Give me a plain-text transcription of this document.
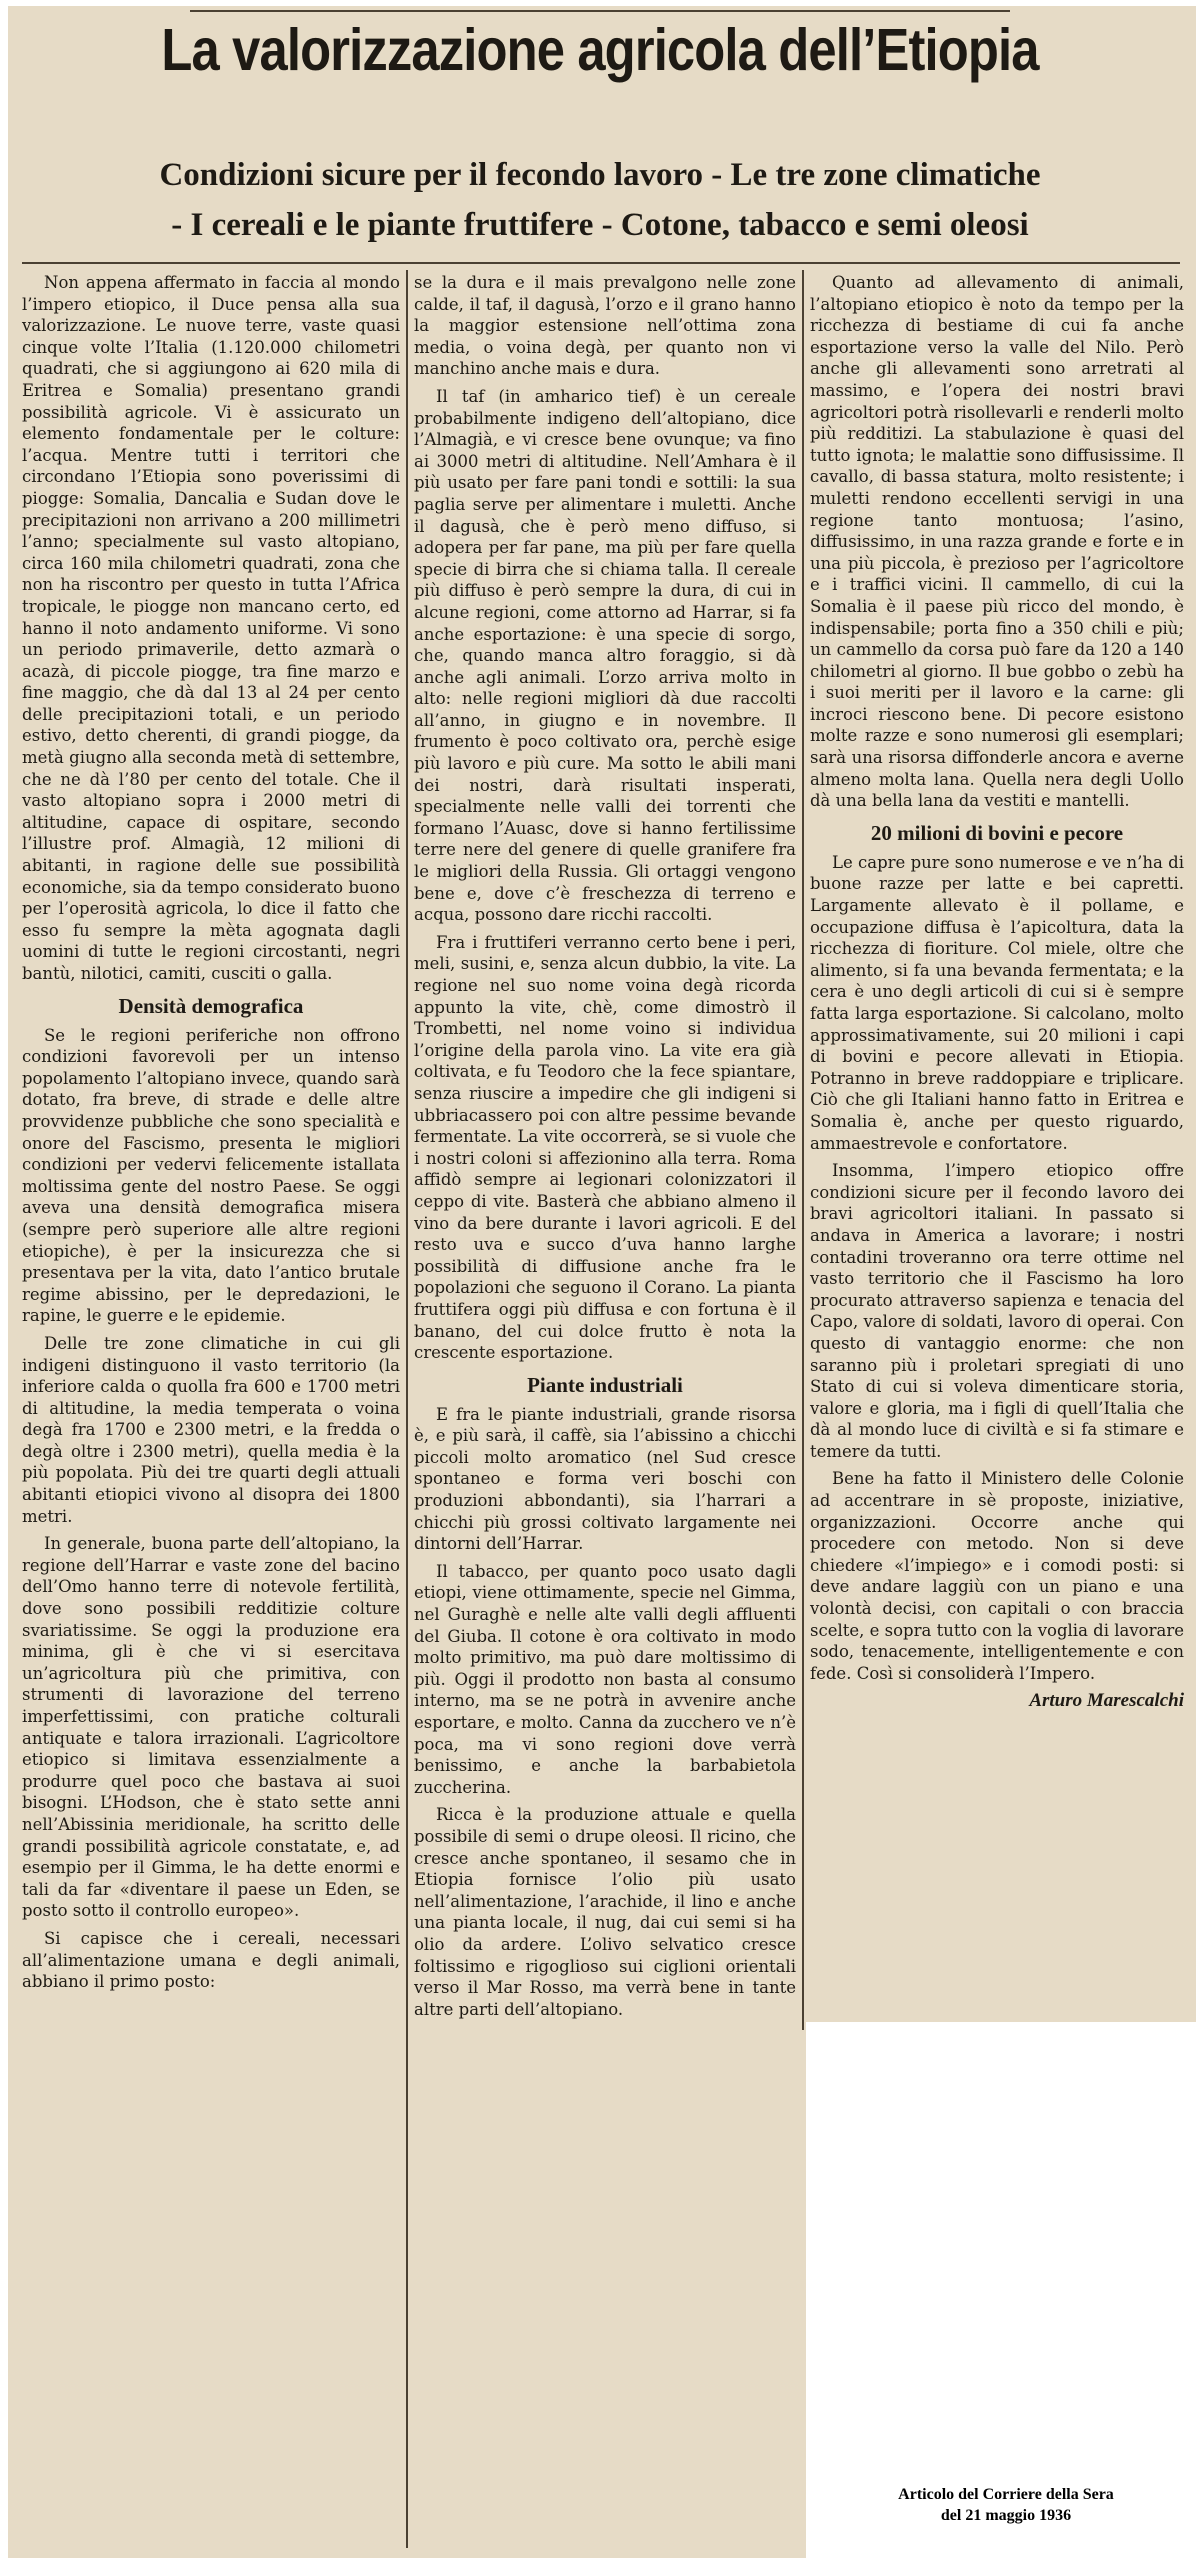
La valorizzazione agricola dell’Etiopia
Condizioni sicure per il fecondo lavoro - Le tre zone climatiche
- I cereali e le piante fruttifere - Cotone, tabacco e semi oleosi

Non appena affermato in faccia al mondo l’impero etiopico, il Duce pensa alla sua valorizzazione. Le nuove terre, vaste quasi cinque volte l’Italia (1.120.000 chilometri quadrati, che si aggiungono ai 620 mila di Eritrea e Somalia) presentano grandi possibilità agricole. Vi è assicurato un elemento fondamentale per le colture: l’acqua. Mentre tutti i territori che circondano l’Etiopia sono poverissimi di piogge: Somalia, Dancalia e Sudan dove le precipitazioni non arrivano a 200 millimetri l’anno; specialmente sul vasto altopiano, circa 160 mila chilometri quadrati, zona che non ha riscontro per questo in tutta l’Africa tropicale, le piogge non mancano certo, ed hanno il noto andamento uniforme. Vi sono un periodo primaverile, detto azmarà o acazà, di piccole piogge, tra fine marzo e fine maggio, che dà dal 13 al 24 per cento delle precipitazioni totali, e un periodo estivo, detto cherenti, di grandi piogge, da metà giugno alla seconda metà di settembre, che ne dà l’80 per cento del totale. Che il vasto altopiano sopra i 2000 metri di altitudine, capace di ospitare, secondo l’illustre prof. Almagià, 12 milioni di abitanti, in ragione delle sue possibilità economiche, sia da tempo considerato buono per l’operosità agricola, lo dice il fatto che esso fu sempre la mèta agognata dagli uomini di tutte le regioni circostanti, negri bantù, nilotici, camiti, cusciti o galla.

Densità demografica

Se le regioni periferiche non offrono condizioni favorevoli per un intenso popolamento l’altopiano invece, quando sarà dotato, fra breve, di strade e delle altre provvidenze pubbliche che sono specialità e onore del Fascismo, presenta le migliori condizioni per vedervi felicemente istallata moltissima gente del nostro Paese. Se oggi aveva una densità demografica misera (sempre però superiore alle altre regioni etiopiche), è per la insicurezza che si presentava per la vita, dato l’antico brutale regime abissino, per le depredazioni, le rapine, le guerre e le epidemie.

Delle tre zone climatiche in cui gli indigeni distinguono il vasto territorio (la inferiore calda o quolla fra 600 e 1700 metri di altitudine, la media temperata o voina degà fra 1700 e 2300 metri, e la fredda o degà oltre i 2300 metri), quella media è la più popolata. Più dei tre quarti degli attuali abitanti etiopici vivono al disopra dei 1800 metri.

In generale, buona parte dell’altopiano, la regione dell’Harrar e vaste zone del bacino dell’Omo hanno terre di notevole fertilità, dove sono possibili redditizie colture svariatissime. Se oggi la produzione era minima, gli è che vi si esercitava un’agricoltura più che primitiva, con strumenti di lavorazione del terreno imperfettissimi, con pratiche colturali antiquate e talora irrazionali. L’agricoltore etiopico si limitava essenzialmente a produrre quel poco che bastava ai suoi bisogni. L’Hodson, che è stato sette anni nell’Abissinia meridionale, ha scritto delle grandi possibilità agricole constatate, e, ad esempio per il Gimma, le ha dette enormi e tali da far «diventare il paese un Eden, se posto sotto il controllo europeo».

Si capisce che i cereali, necessari all’alimentazione umana e degli animali, abbiano il primo posto:

se la dura e il mais prevalgono nelle zone calde, il taf, il dagusà, l’orzo e il grano hanno la maggior estensione nell’ottima zona media, o voina degà, per quanto non vi manchino anche mais e dura.

Il taf (in amharico tief) è un cereale probabilmente indigeno dell’altopiano, dice l’Almagià, e vi cresce bene ovunque; va fino ai 3000 metri di altitudine. Nell’Amhara è il più usato per fare pani tondi e sottili: la sua paglia serve per alimentare i muletti. Anche il dagusà, che è però meno diffuso, si adopera per far pane, ma più per fare quella specie di birra che si chiama talla. Il cereale più diffuso è però sempre la dura, di cui in alcune regioni, come attorno ad Harrar, si fa anche esportazione: è una specie di sorgo, che, quando manca altro foraggio, si dà anche agli animali. L’orzo arriva molto in alto: nelle regioni migliori dà due raccolti all’anno, in giugno e in novembre. Il frumento è poco coltivato ora, perchè esige più lavoro e più cure. Ma sotto le abili mani dei nostri, darà risultati insperati, specialmente nelle valli dei torrenti che formano l’Auasc, dove si hanno fertilissime terre nere del genere di quelle granifere fra le migliori della Russia. Gli ortaggi vengono bene e, dove c’è freschezza di terreno e acqua, possono dare ricchi raccolti.

Fra i fruttiferi verranno certo bene i peri, meli, susini, e, senza alcun dubbio, la vite. La regione nel suo nome voina degà ricorda appunto la vite, chè, come dimostrò il Trombetti, nel nome voino si individua l’origine della parola vino. La vite era già coltivata, e fu Teodoro che la fece spiantare, senza riuscire a impedire che gli indigeni si ubbriacassero poi con altre pessime bevande fermentate. La vite occorrerà, se si vuole che i nostri coloni si affezionino alla terra. Roma affidò sempre ai legionari colonizzatori il ceppo di vite. Basterà che abbiano almeno il vino da bere durante i lavori agricoli. E del resto uva e succo d’uva hanno larghe possibilità di diffusione anche fra le popolazioni che seguono il Corano. La pianta fruttifera oggi più diffusa e con fortuna è il banano, del cui dolce frutto è nota la crescente esportazione.

Piante industriali

E fra le piante industriali, grande risorsa è, e più sarà, il caffè, sia l’abissino a chicchi piccoli molto aromatico (nel Sud cresce spontaneo e forma veri boschi con produzioni abbondanti), sia l’harrari a chicchi più grossi coltivato largamente nei dintorni dell’Harrar.

Il tabacco, per quanto poco usato dagli etiopi, viene ottimamente, specie nel Gimma, nel Guraghè e nelle alte valli degli affluenti del Giuba. Il cotone è ora coltivato in modo molto primitivo, ma può dare moltissimo di più. Oggi il prodotto non basta al consumo interno, ma se ne potrà in avvenire anche esportare, e molto. Canna da zucchero ve n’è poca, ma vi sono regioni dove verrà benissimo, e anche la barbabietola zuccherina.

Ricca è la produzione attuale e quella possibile di semi o drupe oleosi. Il ricino, che cresce anche spontaneo, il sesamo che in Etiopia fornisce l’olio più usato nell’alimentazione, l’arachide, il lino e anche una pianta locale, il nug, dai cui semi si ha olio da ardere. L’olivo selvatico cresce foltissimo e rigoglioso sui ciglioni orientali verso il Mar Rosso, ma verrà bene in tante altre parti dell’altopiano.

Quanto ad allevamento di animali, l’altopiano etiopico è noto da tempo per la ricchezza di bestiame di cui fa anche esportazione verso la valle del Nilo. Però anche gli allevamenti sono arretrati al massimo, e l’opera dei nostri bravi agricoltori potrà risollevarli e renderli molto più redditizi. La stabulazione è quasi del tutto ignota; le malattie sono diffusissime. Il cavallo, di bassa statura, molto resistente; i muletti rendono eccellenti servigi in una regione tanto montuosa; l’asino, diffusissimo, in una razza grande e forte e in una più piccola, è prezioso per l’agricoltore e i traffici vicini. Il cammello, di cui la Somalia è il paese più ricco del mondo, è indispensabile; porta fino a 350 chili e più; un cammello da corsa può fare da 120 a 140 chilometri al giorno. Il bue gobbo o zebù ha i suoi meriti per il lavoro e la carne: gli incroci riescono bene. Di pecore esistono molte razze e sono numerosi gli esemplari; sarà una risorsa diffonderle ancora e averne almeno molta lana. Quella nera degli Uollo dà una bella lana da vestiti e mantelli.

20 milioni di bovini e pecore

Le capre pure sono numerose e ve n’ha di buone razze per latte e bei capretti. Largamente allevato è il pollame, e occupazione diffusa è l’apicoltura, data la ricchezza di fioriture. Col miele, oltre che alimento, si fa una bevanda fermentata; e la cera è uno degli articoli di cui si è sempre fatta larga esportazione. Si calcolano, molto approssimativamente, sui 20 milioni i capi di bovini e pecore allevati in Etiopia. Potranno in breve raddoppiare e triplicare. Ciò che gli Italiani hanno fatto in Eritrea e Somalia è, anche per questo riguardo, ammaestrevole e confortatore.

Insomma, l’impero etiopico offre condizioni sicure per il fecondo lavoro dei bravi agricoltori italiani. In passato si andava in America a lavorare; i nostri contadini troveranno ora terre ottime nel vasto territorio che il Fascismo ha loro procurato attraverso sapienza e tenacia del Capo, valore di soldati, lavoro di operai. Con questo di vantaggio enorme: che non saranno più i proletari spregiati di uno Stato di cui si voleva dimenticare storia, valore e gloria, ma i figli di quell’Italia che dà al mondo luce di civiltà e si fa stimare e temere da tutti.

Bene ha fatto il Ministero delle Colonie ad accentrare in sè proposte, iniziative, organizzazioni. Occorre anche qui procedere con metodo. Non si deve chiedere «l’impiego» e i comodi posti: si deve andare laggiù con un piano e una volontà decisi, con capitali o con braccia scelte, e sopra tutto con la voglia di lavorare sodo, tenacemente, intelligentemente e con fede. Così si consoliderà l’Impero.

Arturo Marescalchi
Articolo del Corriere della Sera
del 21 maggio 1936
